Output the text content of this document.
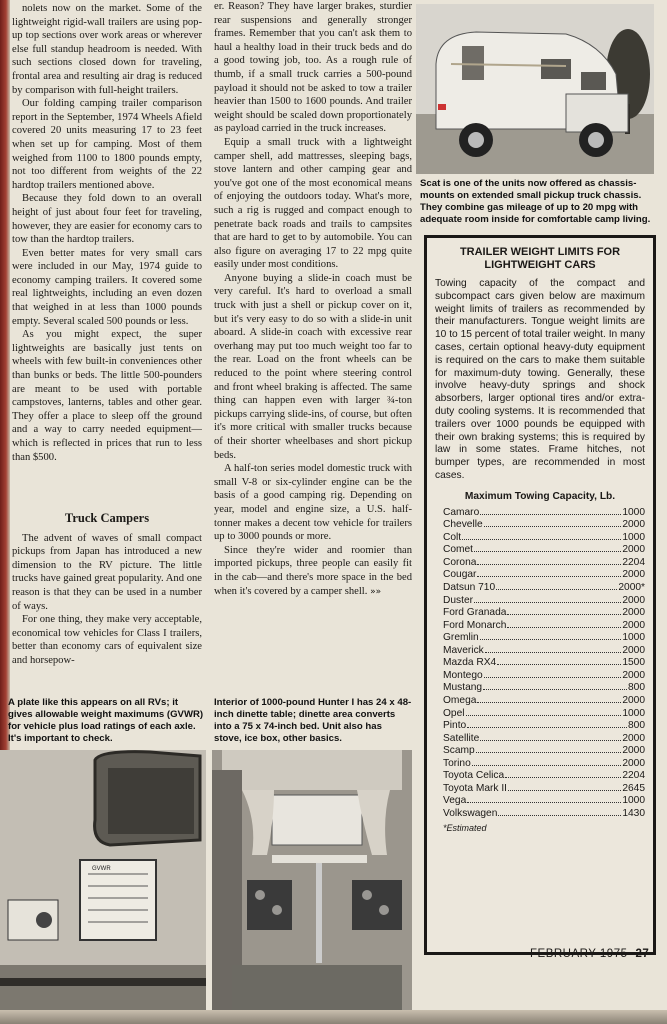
nolets now on the market. Some of the lightweight rigid-wall trailers are using pop-up top sections over work areas or wherever else full standup headroom is needed. With such sections closed down for traveling, frontal area and resulting air drag is reduced by comparison with full-height trailers.

Our folding camping trailer comparison report in the September, 1974 Wheels Afield covered 20 units measuring 17 to 23 feet when set up for camping. Most of them weighed from 1100 to 1800 pounds empty, not too different from weights of the 22 hardtop trailers mentioned above.

Because they fold down to an overall height of just about four feet for traveling, however, they are easier for economy cars to tow than the hardtop trailers.

Even better mates for very small cars were included in our May, 1974 guide to economy camping trailers. It covered some real lightweights, including an even dozen that weighed in at less than 1000 pounds empty. Several scaled 500 pounds or less.

As you might expect, the super lightweights are basically just tents on wheels with few built-in conveniences other than bunks or beds. The little 500-pounders are meant to be used with portable campstoves, lanterns, tables and other gear. They offer a place to sleep off the ground and a way to carry needed equipment—which is reflected in prices that run to less than $500.

Truck Campers

The advent of waves of small compact pickups from Japan has introduced a new dimension to the RV picture. The little trucks have gained great popularity. And one reason is that they can be used in a number of ways.

For one thing, they make very acceptable, economical tow vehicles for Class I trailers, better than economy cars of equivalent size and horsepow-

er. Reason? They have larger brakes, sturdier rear suspensions and generally stronger frames. Remember that you can't ask them to haul a healthy load in their truck beds and do a good towing job, too. As a rough rule of thumb, if a small truck carries a 500-pound payload it should not be asked to tow a trailer heavier than 1500 to 1600 pounds. And trailer weight should be scaled down proportionately as payload carried in the truck increases.

Equip a small truck with a lightweight camper shell, add mattresses, sleeping bags, stove lantern and other camping gear and you've got one of the most economical means of enjoying the outdoors today. What's more, such a rig is rugged and compact enough to penetrate back roads and trails to campsites that are hard to get to by automobile. You can also figure on averaging 17 to 22 mpg quite easily under most conditions.

Anyone buying a slide-in coach must be very careful. It's hard to overload a small truck with just a shell or pickup cover on it, but it's very easy to do so with a slide-in unit aboard. A slide-in coach with excessive rear overhang may put too much weight too far to the rear. Load on the front wheels can be reduced to the point where steering control and front wheel braking is affected. The same thing can happen even with larger ¾-ton pickups carrying slide-ins, of course, but often it's more critical with smaller trucks because of their shorter wheelbases and short pickup beds.

A half-ton series model domestic truck with small V-8 or six-cylinder engine can be the basis of a good camping rig. Depending on year, model and engine size, a U.S. half-tonner makes a decent tow vehicle for trailers up to 3000 pounds or more.

Since they're wider and roomier than imported pickups, three people can easily fit in the cab—and there's more space in the bed when it's covered by a camper shell. »»

Scat is one of the units now offered as chassis-mounts on extended small pickup truck chassis. They combine gas mileage of up to 20 mpg with adequate room inside for comfortable camp living.
TRAILER WEIGHT LIMITS FOR LIGHTWEIGHT CARS
Towing capacity of the compact and subcompact cars given below are maximum weight limits of trailers as recommended by their manufacturers. Tongue weight limits are 10 to 15 percent of total trailer weight. In many cases, certain optional heavy-duty equipment is required on the cars to make them suitable for maximum-duty towing. Generally, these involve heavy-duty springs and shock absorbers, larger optional tires and/or extra-duty cooling systems. It is recommended that trailers over 1000 pounds be equipped with their own braking systems; this is required by law in some states. Frame hitches, not bumper types, are recommended in most cases.
Maximum Towing Capacity, Lb.
Camaro	1000
Chevelle	2000
Colt	1000
Comet	2000
Corona	2204
Cougar	2000
Datsun 710	2000*
Duster	2000
Ford Granada	2000
Ford Monarch	2000
Gremlin	1000
Maverick	2000
Mazda RX4	1500
Montego	2000
Mustang	800
Omega	2000
Opel	1000
Pinto	800
Satellite	2000
Scamp	2000
Torino	2000
Toyota Celica	2204
Toyota Mark II	2645
Vega	1000
Volkswagen	1430
*Estimated
A plate like this appears on all RVs; it gives allowable weight maximums (GVWR) for vehicle plus load ratings of each axle. It's important to check.
GVWR
Interior of 1000-pound Hunter I has 24 x 48-inch dinette table; dinette area converts into a 75 x 74-inch bed. Unit also has stove, ice box, other basics.
FEBRUARY 1975 27
